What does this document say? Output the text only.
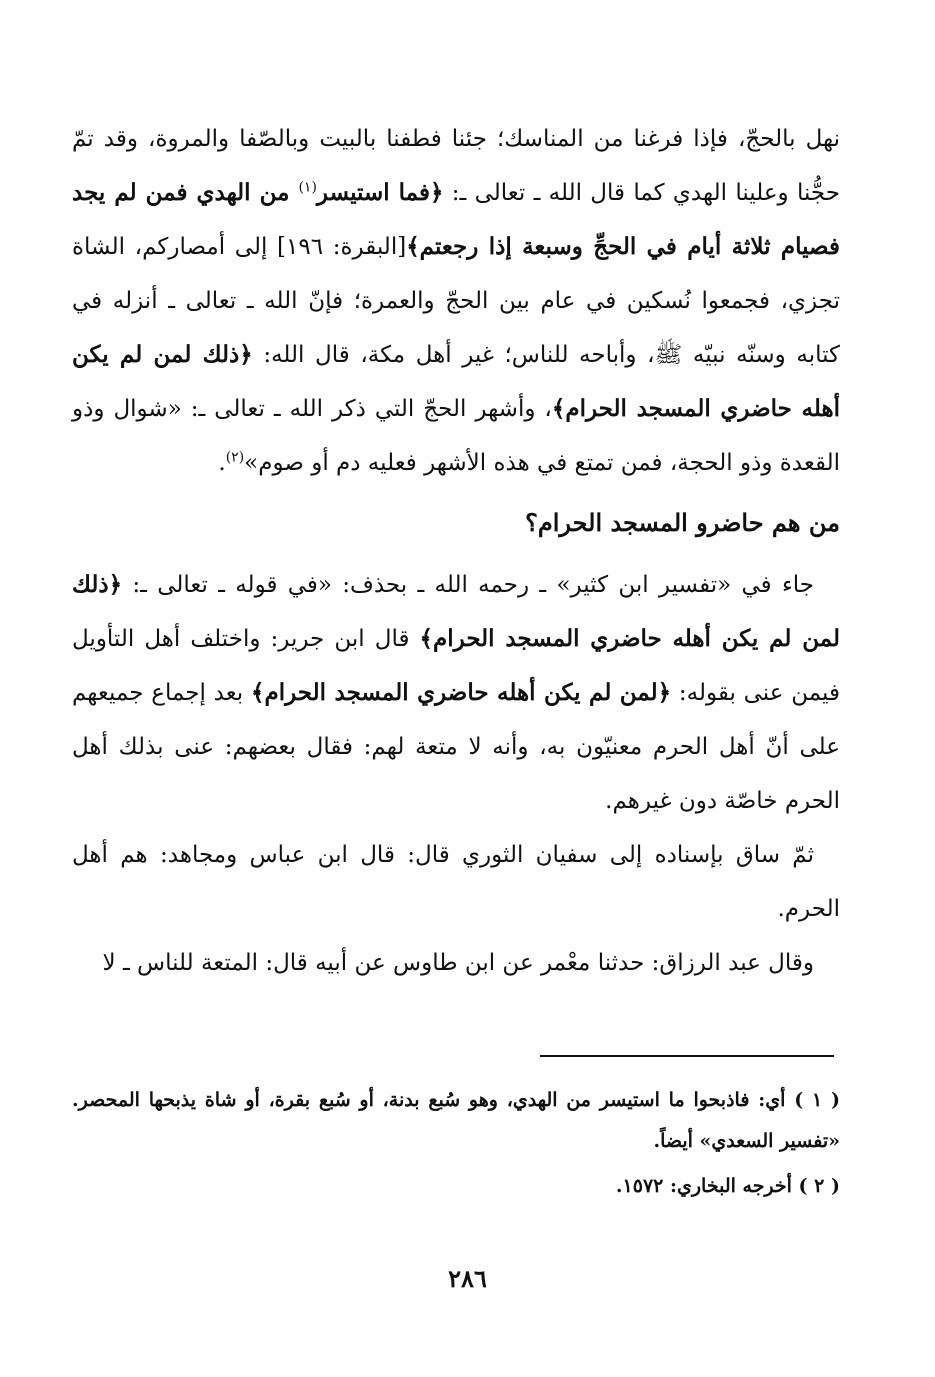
نهل بالحجّ، فإذا فرغنا من المناسك؛ جئنا فطفنا بالبيت وبالصّفا والمروة، وقد تمّ حجُّنا وعلينا الهدي كما قال الله ـ تعالى ـ: ﴿فما استيسر$^{(١)}$ من الهدي فمن لم يجد فصيام ثلاثة أيام في الحجِّ وسبعة إذا رجعتم﴾[البقرة: ١٩٦] إلى أمصاركم، الشاة تجزي، فجمعوا نُسكين في عام بين الحجّ والعمرة؛ فإنّ الله ـ تعالى ـ أنزله في كتابه وسنّه نبيّه ﷺ، وأباحه للناس؛ غير أهل مكة، قال الله: ﴿ذلك لمن لم يكن أهله حاضري المسجد الحرام﴾، وأشهر الحجّ التي ذكر الله ـ تعالى ـ: «شوال وذو القعدة وذو الحجة، فمن تمتع في هذه الأشهر فعليه دم أو صوم»$^{(٢)}$.

من هم حاضرو المسجد الحرام؟

جاء في «تفسير ابن كثير» ـ رحمه الله ـ بحذف: «في قوله ـ تعالى ـ: ﴿ذلك لمن لم يكن أهله حاضري المسجد الحرام﴾ قال ابن جرير: واختلف أهل التأويل فيمن عنى بقوله: ﴿لمن لم يكن أهله حاضري المسجد الحرام﴾ بعد إجماع جميعهم على أنّ أهل الحرم معنيّون به، وأنه لا متعة لهم: فقال بعضهم: عنى بذلك أهل الحرم خاصّة دون غيرهم.

ثمّ ساق بإسناده إلى سفيان الثوري قال: قال ابن عباس ومجاهد: هم أهل الحرم.

وقال عبد الرزاق: حدثنا معْمر عن ابن طاوس عن أبيه قال: المتعة للناس ـ لا

( ١ ) أي: فاذبحوا ما استيسر من الهدي، وهو سُبع بدنة، أو سُبع بقرة، أو شاة يذبحها المحصر. «تفسير السعدي» أيضاً.

( ٢ ) أخرجه البخاري: ١٥٧٢.

٢٨٦
